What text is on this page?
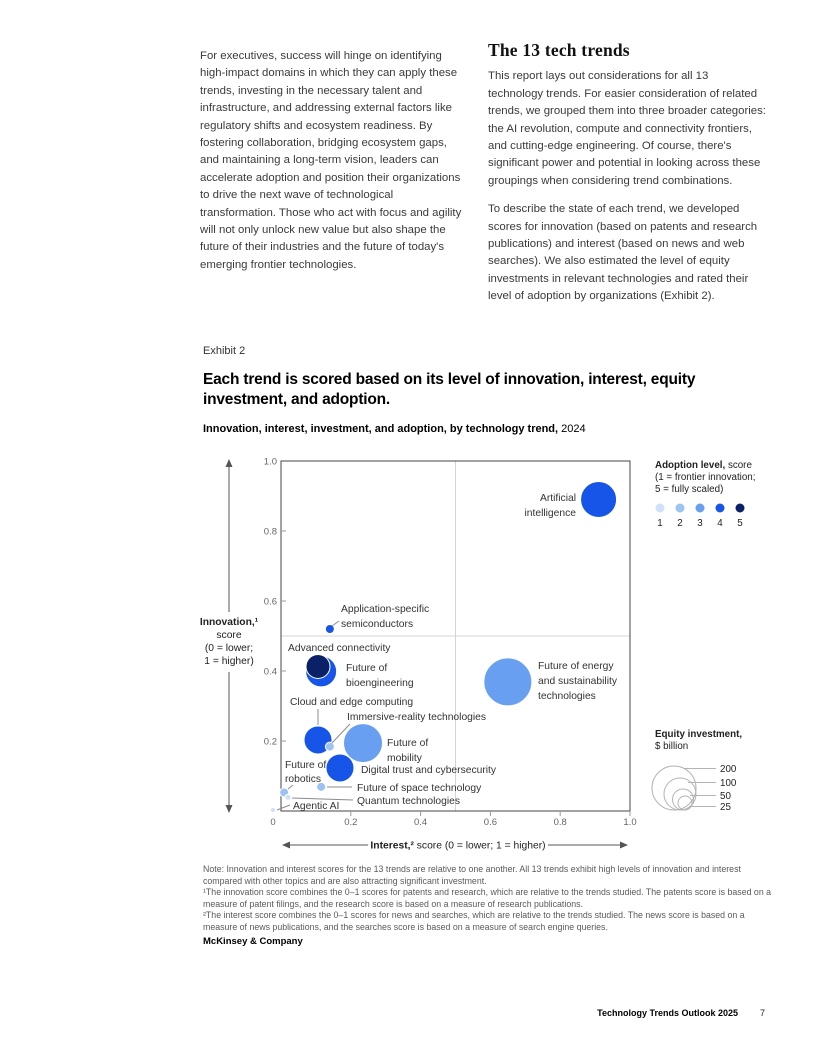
For executives, success will hinge on identifying high-impact domains in which they can apply these trends, investing in the necessary talent and infrastructure, and addressing external factors like regulatory shifts and ecosystem readiness. By fostering collaboration, bridging ecosystem gaps, and maintaining a long-term vision, leaders can accelerate adoption and position their organizations to drive the next wave of technological transformation. Those who act with focus and agility will not only unlock new value but also shape the future of their industries and the future of today's emerging frontier technologies.

The 13 tech trends

This report lays out considerations for all 13 technology trends. For easier consideration of related trends, we grouped them into three broader categories: the AI revolution, compute and connectivity frontiers, and cutting-edge engineering. Of course, there's significant power and potential in looking across these groupings when considering trend combinations.

To describe the state of each trend, we developed scores for innovation (based on patents and research publications) and interest (based on news and web searches). We also estimated the level of equity investments in relevant technologies and rated their level of adoption by organizations (Exhibit 2).

Exhibit 2
Each trend is scored based on its level of innovation, interest, equity investment, and adoption.
Innovation, interest, investment, and adoption, by technology trend, 2024
0	0.2	0.4	0.6	0.8	1.0
0.2
0.4
0.6
0.8
1.0
Innovation,¹
score
(0 = lower;
1 = higher)
Interest,² score (0 = lower; 1 = higher)
Artificial
intelligence
Application-specific
semiconductors
Advanced connectivity
Future of
bioengineering
Cloud and edge computing
Immersive-reality technologies
Future of
mobility
Digital trust and cybersecurity
Future of
robotics
Future of space technology
Quantum technologies
Agentic AI
Future of energy
and sustainability
technologies
Adoption level, score
(1 = frontier innovation;
5 = fully scaled)
1 2 3 4 5
Equity investment,
$ billion
200
100
50
25

Note: Innovation and interest scores for the 13 trends are relative to one another. All 13 trends exhibit high levels of innovation and interest compared with other topics and are also attracting significant investment.

¹The innovation score combines the 0–1 scores for patents and research, which are relative to the trends studied. The patents score is based on a measure of patent filings, and the research score is based on a measure of research publications.

²The interest score combines the 0–1 scores for news and searches, which are relative to the trends studied. The news score is based on a measure of news publications, and the searches score is based on a measure of search engine queries.

McKinsey & Company
Technology Trends Outlook 2025 7
